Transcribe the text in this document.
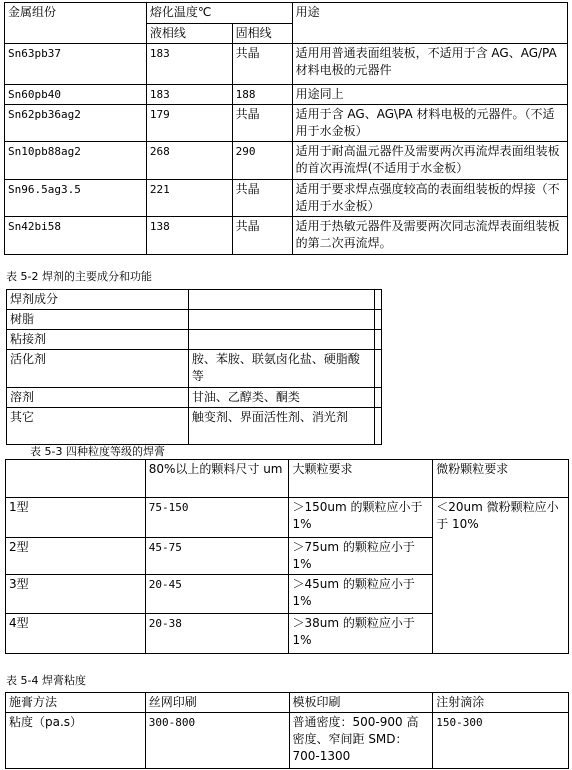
金属组份	熔化温度℃		用途
	液相线	固相线	
Sn63pb37	183	共晶	适用用普通表面组装板，不适用于含 AG、AG/PA 材料电极的元器件
Sn60pb40	183	188	用途同上
Sn62pb36ag2	179	共晶	适用于含 AG、AG\PA 材料电极的元器件。（不适用于水金板）
Sn10pb88ag2	268	290	适用于耐高温元器件及需要两次再流焊表面组装板的首次再流焊(不适用于水金板）
Sn96.5ag3.5	221	共晶	适用于要求焊点强度较高的表面组装板的焊接（不适用于水金板）
Sn42bi58	138	共晶	适用于热敏元器件及需要两次同志流焊表面组装板的第二次再流焊。
表 5-2 焊剂的主要成分和功能
焊剂成分		
树脂		
粘接剂		
活化剂	胺、苯胺、联氨卤化盐、硬脂酸等	
溶剂	甘油、乙醇类、酮类	
其它	触变剂、界面活性剂、消光剂	
表 5-3 四种粒度等级的焊膏
	80%以上的颗料尺寸 um	大颗粒要求	微粉颗粒要求
1型	75-150	＞150um 的颗粒应小于 1%	＜20um 微粉颗粒应小于 10%
2型	45-75	＞75um 的颗粒应小于 1%	
3型	20-45	＞45um 的颗粒应小于 1%	
4型	20-38	＞38um 的颗粒应小于 1%	
表 5-4 焊膏粘度
施膏方法	丝网印刷	模板印刷	注射滴涂
粘度（pa.s）	300-800	普通密度：500-900 高密度、窄间距 SMD：700-1300	150-300
